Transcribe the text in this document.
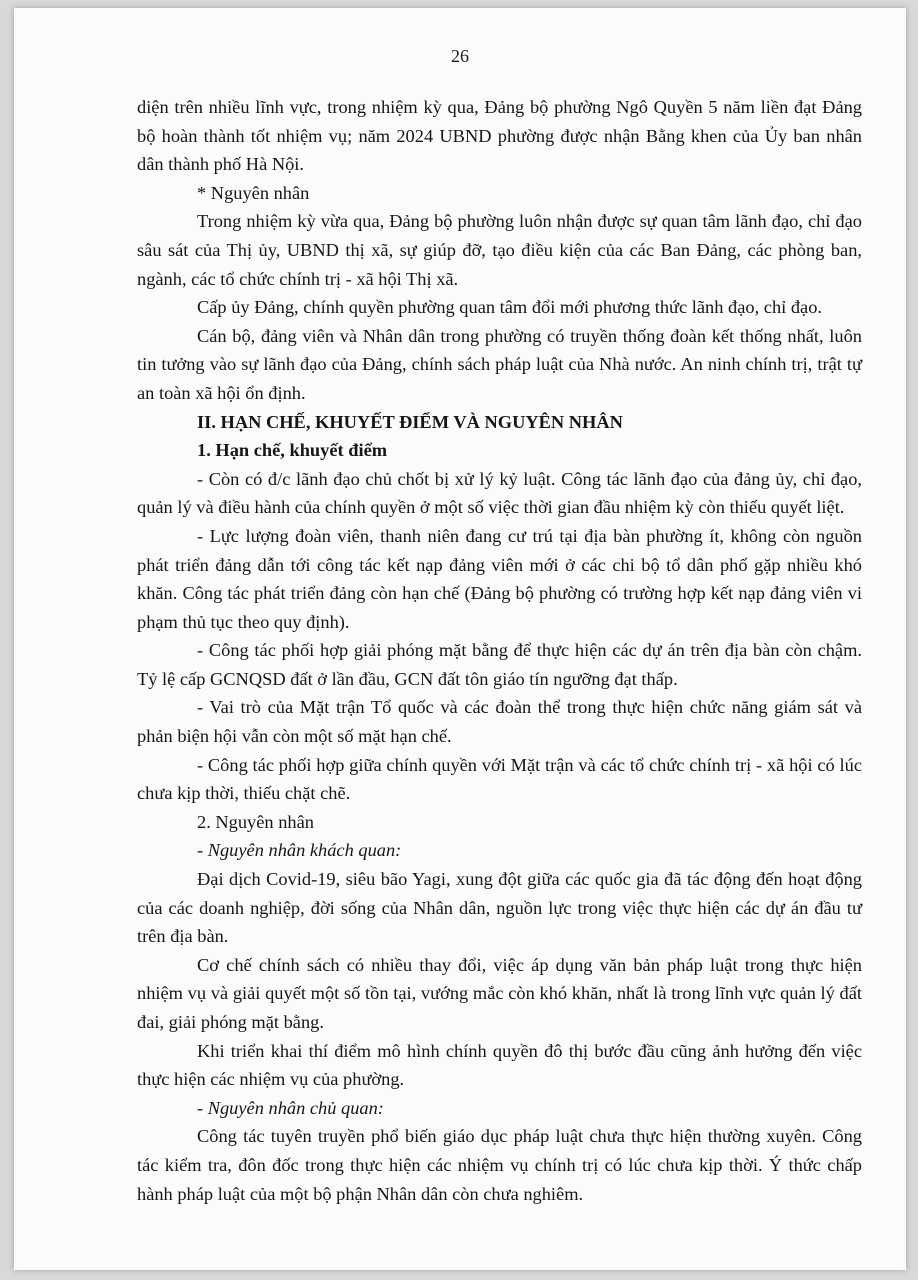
26

diện trên nhiều lĩnh vực, trong nhiệm kỳ qua, Đảng bộ phường Ngô Quyền 5 năm liền đạt Đảng bộ hoàn thành tốt nhiệm vụ; năm 2024 UBND phường được nhận Bằng khen của Ủy ban nhân dân thành phố Hà Nội.

* Nguyên nhân

Trong nhiệm kỳ vừa qua, Đảng bộ phường luôn nhận được sự quan tâm lãnh đạo, chỉ đạo sâu sát của Thị ủy, UBND thị xã, sự giúp đỡ, tạo điều kiện của các Ban Đảng, các phòng ban, ngành, các tổ chức chính trị - xã hội Thị xã.

Cấp ủy Đảng, chính quyền phường quan tâm đổi mới phương thức lãnh đạo, chỉ đạo.

Cán bộ, đảng viên và Nhân dân trong phường có truyền thống đoàn kết thống nhất, luôn tin tưởng vào sự lãnh đạo của Đảng, chính sách pháp luật của Nhà nước. An ninh chính trị, trật tự an toàn xã hội ổn định.

II. HẠN CHẾ, KHUYẾT ĐIỂM VÀ NGUYÊN NHÂN

1. Hạn chế, khuyết điểm

- Còn có đ/c lãnh đạo chủ chốt bị xử lý kỷ luật. Công tác lãnh đạo của đảng ủy, chỉ đạo, quản lý và điều hành của chính quyền ở một số việc thời gian đầu nhiệm kỳ còn thiếu quyết liệt.

- Lực lượng đoàn viên, thanh niên đang cư trú tại địa bàn phường ít, không còn nguồn phát triển đảng dẫn tới công tác kết nạp đảng viên mới ở các chi bộ tổ dân phố gặp nhiều khó khăn. Công tác phát triển đảng còn hạn chế (Đảng bộ phường có trường hợp kết nạp đảng viên vi phạm thủ tục theo quy định).

- Công tác phối hợp giải phóng mặt bằng để thực hiện các dự án trên địa bàn còn chậm. Tỷ lệ cấp GCNQSD đất ở lần đầu, GCN đất tôn giáo tín ngưỡng đạt thấp.

- Vai trò của Mặt trận Tổ quốc và các đoàn thể trong thực hiện chức năng giám sát và phản biện hội vẫn còn một số mặt hạn chế.

- Công tác phối hợp giữa chính quyền với Mặt trận và các tổ chức chính trị - xã hội có lúc chưa kịp thời, thiếu chặt chẽ.

2. Nguyên nhân

- Nguyên nhân khách quan:

Đại dịch Covid-19, siêu bão Yagi, xung đột giữa các quốc gia đã tác động đến hoạt động của các doanh nghiệp, đời sống của Nhân dân, nguồn lực trong việc thực hiện các dự án đầu tư trên địa bàn.

Cơ chế chính sách có nhiều thay đổi, việc áp dụng văn bản pháp luật trong thực hiện nhiệm vụ và giải quyết một số tồn tại, vướng mắc còn khó khăn, nhất là trong lĩnh vực quản lý đất đai, giải phóng mặt bằng.

Khi triển khai thí điểm mô hình chính quyền đô thị bước đầu cũng ảnh hưởng đến việc thực hiện các nhiệm vụ của phường.

- Nguyên nhân chủ quan:

Công tác tuyên truyền phổ biến giáo dục pháp luật chưa thực hiện thường xuyên. Công tác kiểm tra, đôn đốc trong thực hiện các nhiệm vụ chính trị có lúc chưa kịp thời. Ý thức chấp hành pháp luật của một bộ phận Nhân dân còn chưa nghiêm.
